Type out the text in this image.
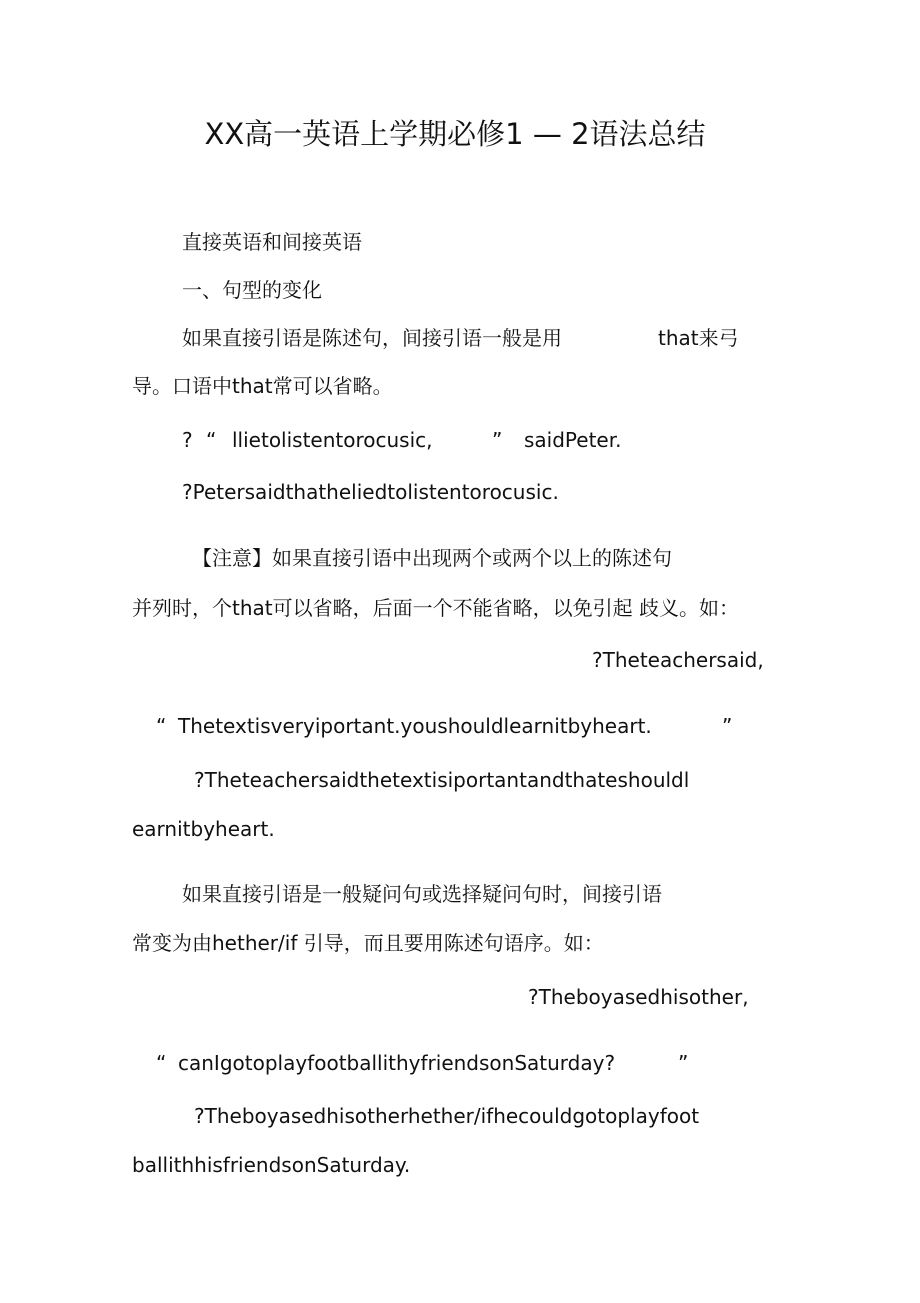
XX高一英语上学期必修1 — 2语法总结
直接英语和间接英语
一、句型的变化
如果直接引语是陈述句，间接引语一般是用	that来弓
导。口语中that常可以省略。
? “ llietolistentorocusic,	” saidPeter.
?Petersaidthatheliedtolistentorocusic.
【注意】如果直接引语中出现两个或两个以上的陈述句
并列时，个that可以省略，后面一个不能省略，以免引起 歧义。如：
?Theteachersaid,
“ Thetextisveryiportant.youshouldlearnitbyheart.	”
?Theteachersaidthetextisiportantandthateshouldl
earnitbyheart.
如果直接引语是一般疑问句或选择疑问句时，间接引语
常变为由hether/if 引导，而且要用陈述句语序。如：
?Theboyasedhisother,
“ canIgotoplayfootballithyfriendsonSaturday?	”
?Theboyasedhisotherhether/ifhecouldgotoplayfoot
ballithhisfriendsonSaturday.
